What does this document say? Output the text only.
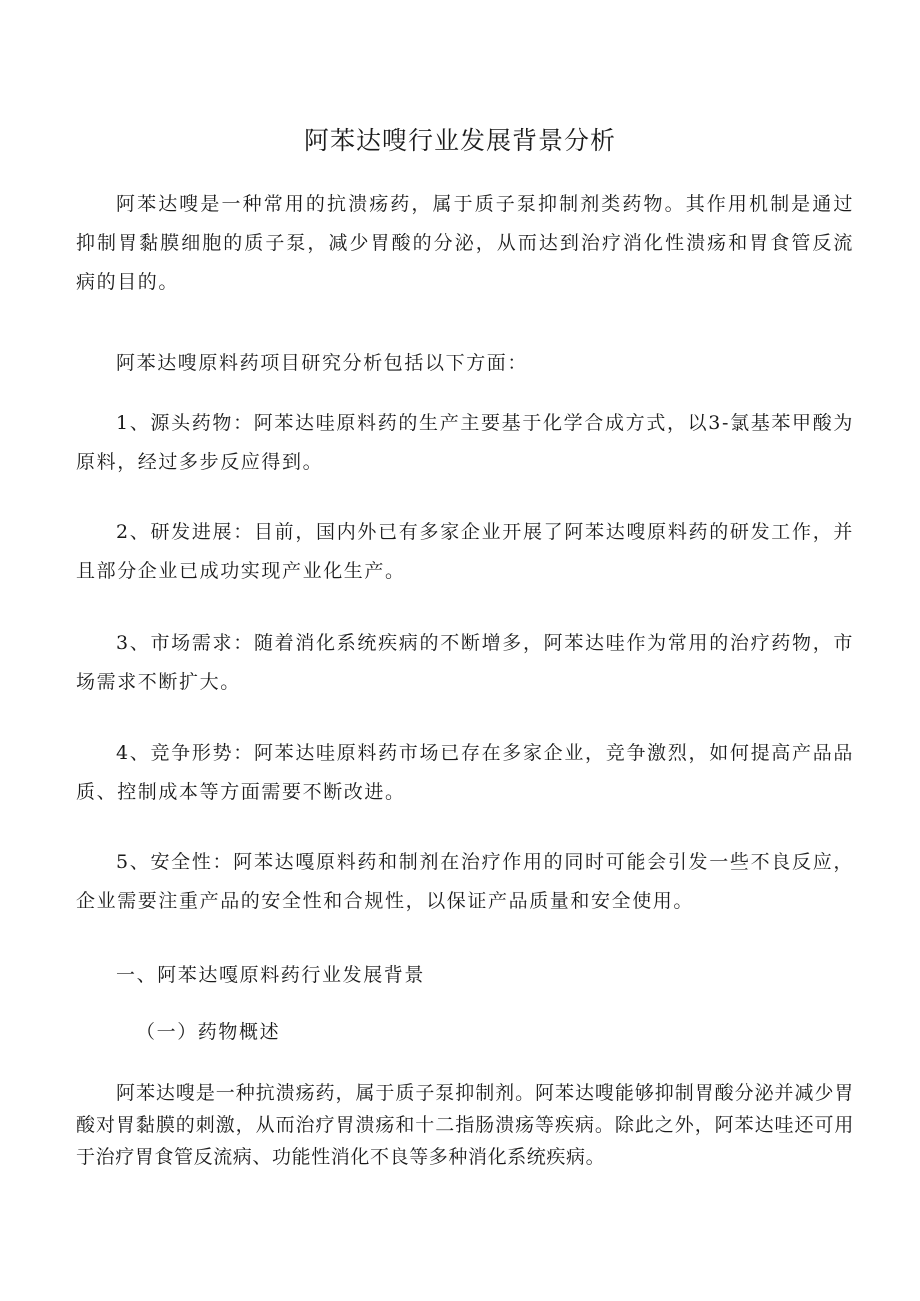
阿苯达嗖行业发展背景分析

阿苯达嗖是一种常用的抗溃疡药，属于质子泵抑制剂类药物。其作用机制是通过抑制胃黏膜细胞的质子泵，减少胃酸的分泌，从而达到治疗消化性溃疡和胃食管反流病的目的。

阿苯达嗖原料药项目研究分析包括以下方面：

1、源头药物：阿苯达哇原料药的生产主要基于化学合成方式，以3-氯基苯甲酸为原料，经过多步反应得到。

2、研发进展：目前，国内外已有多家企业开展了阿苯达嗖原料药的研发工作，并且部分企业已成功实现产业化生产。

3、市场需求：随着消化系统疾病的不断增多，阿苯达哇作为常用的治疗药物，市场需求不断扩大。

4、竞争形势：阿苯达哇原料药市场已存在多家企业，竞争激烈，如何提高产品品质、控制成本等方面需要不断改进。

5、安全性：阿苯达嘎原料药和制剂在治疗作用的同时可能会引发一些不良反应，企业需要注重产品的安全性和合规性，以保证产品质量和安全使用。

一、阿苯达嘎原料药行业发展背景
（一）药物概述

阿苯达嗖是一种抗溃疡药，属于质子泵抑制剂。阿苯达嗖能够抑制胃酸分泌并减少胃酸对胃黏膜的刺激，从而治疗胃溃疡和十二指肠溃疡等疾病。除此之外，阿苯达哇还可用于治疗胃食管反流病、功能性消化不良等多种消化系统疾病。
